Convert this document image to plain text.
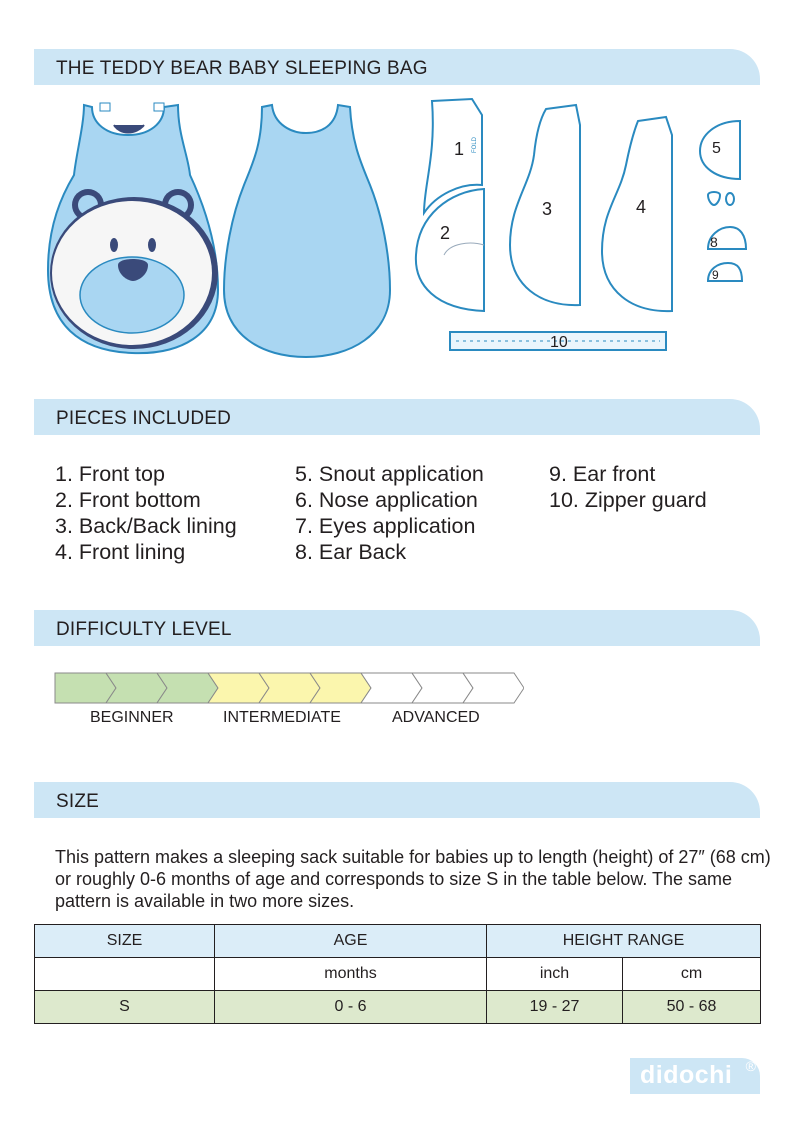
THE TEDDY BEAR BABY SLEEPING BAG
PIECES INCLUDED
DIFFICULTY LEVEL
SIZE
1 FOLD
2
3	4
5
8
9
10
1. Front top
2. Front bottom
3. Back/Back lining
4. Front lining
5. Snout application
6. Nose application
7. Eyes application
8. Ear Back
9. Ear front
10. Zipper guard
BEGINNER	INTERMEDIATE	ADVANCED
This pattern makes a sleeping sack suitable for babies up to length (height) of 27″ (68 cm) or roughly 0-6 months of age and corresponds to size S in the table below. The same pattern is available in two more sizes.
SIZE	AGE	HEIGHT RANGE	
	months	inch	cm
S	0 - 6	19 - 27	50 - 68
didochi ®
